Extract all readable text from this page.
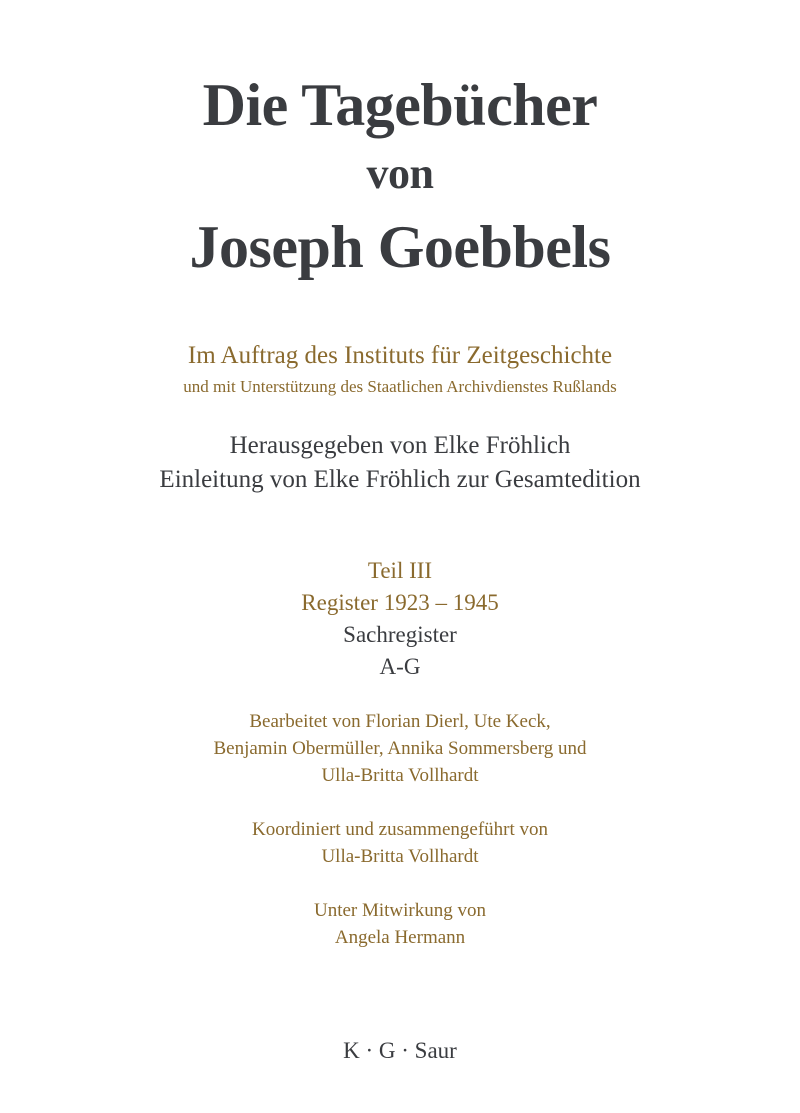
Die Tagebücher

von

Joseph Goebbels

Im Auftrag des Instituts für Zeitgeschichte

und mit Unterstützung des Staatlichen Archivdienstes Rußlands

Herausgegeben von Elke Fröhlich

Einleitung von Elke Fröhlich zur Gesamtedition

Teil III

Register 1923 – 1945

Sachregister

A-G

Bearbeitet von Florian Dierl, Ute Keck,

Benjamin Obermüller, Annika Sommersberg und

Ulla-Britta Vollhardt

Koordiniert und zusammengeführt von

Ulla-Britta Vollhardt

Unter Mitwirkung von

Angela Hermann

K · G · Saur
